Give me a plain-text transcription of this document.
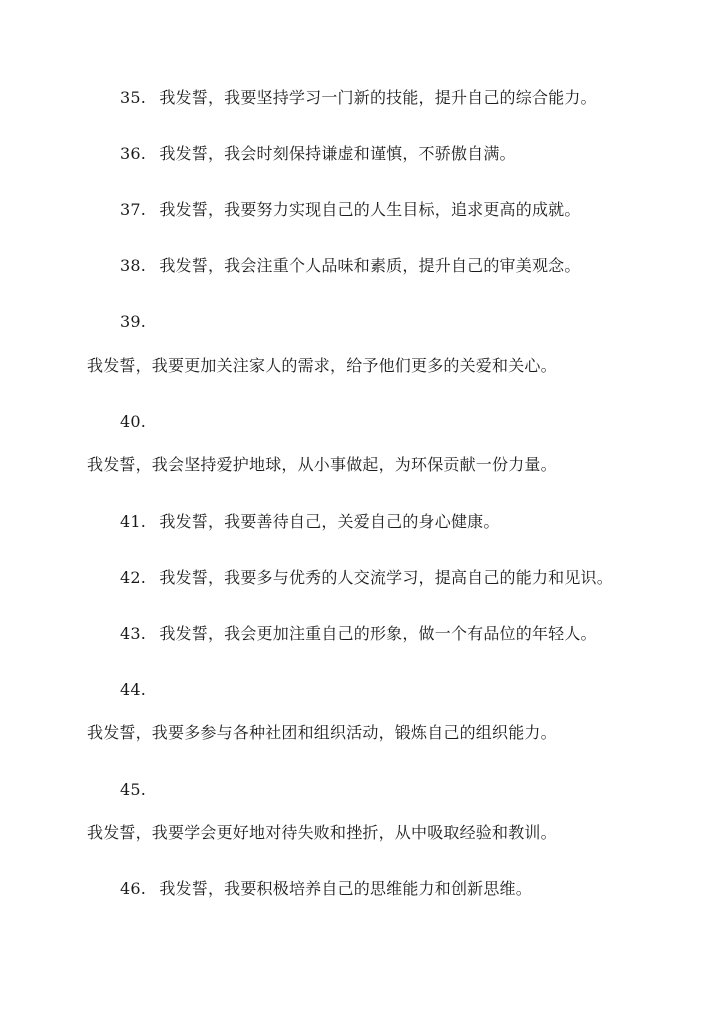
35. 我发誓，我要坚持学习一门新的技能，提升自己的综合能力。
36. 我发誓，我会时刻保持谦虚和谨慎，不骄傲自满。
37. 我发誓，我要努力实现自己的人生目标，追求更高的成就。
38. 我发誓，我会注重个人品味和素质，提升自己的审美观念。
39.
我发誓，我要更加关注家人的需求，给予他们更多的关爱和关心。
40.
我发誓，我会坚持爱护地球，从小事做起，为环保贡献一份力量。
41. 我发誓，我要善待自己，关爱自己的身心健康。
42. 我发誓，我要多与优秀的人交流学习，提高自己的能力和见识。
43. 我发誓，我会更加注重自己的形象，做一个有品位的年轻人。
44.
我发誓，我要多参与各种社团和组织活动，锻炼自己的组织能力。
45.
我发誓，我要学会更好地对待失败和挫折，从中吸取经验和教训。
46. 我发誓，我要积极培养自己的思维能力和创新思维。
